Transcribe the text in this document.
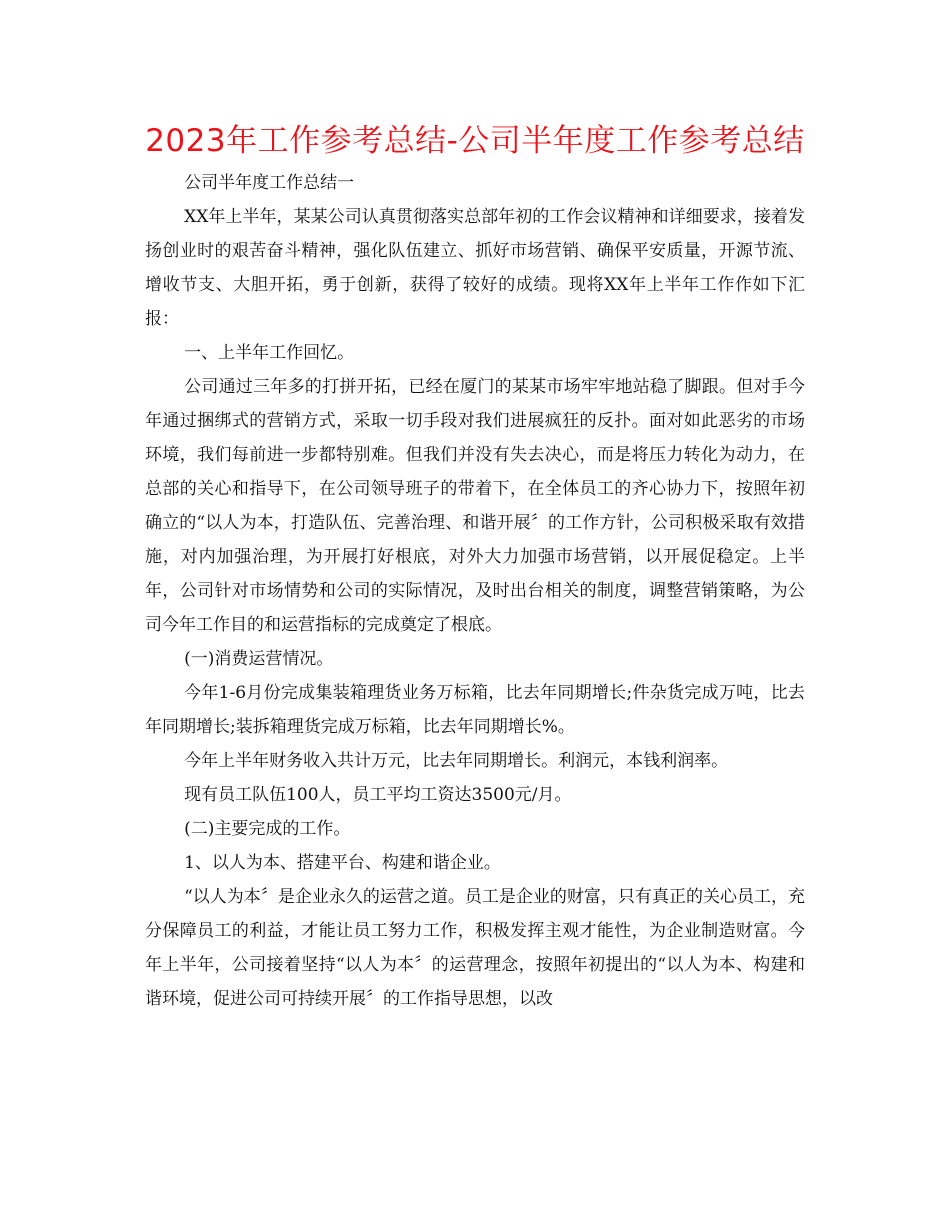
2023年工作参考总结-公司半年度工作参考总结

公司半年度工作总结一

XX年上半年，某某公司认真贯彻落实总部年初的工作会议精神和详细要求，接着发扬创业时的艰苦奋斗精神，强化队伍建立、抓好市场营销、确保平安质量，开源节流、增收节支、大胆开拓，勇于创新，获得了较好的成绩。现将XX年上半年工作作如下汇报：

一、上半年工作回忆。

公司通过三年多的打拼开拓，已经在厦门的某某市场牢牢地站稳了脚跟。但对手今年通过捆绑式的营销方式，采取一切手段对我们进展疯狂的反扑。面对如此恶劣的市场环境，我们每前进一步都特别难。但我们并没有失去决心，而是将压力转化为动力，在总部的关心和指导下，在公司领导班子的带着下，在全体员工的齐心协力下，按照年初确立的“以人为本，打造队伍、完善治理、和谐开展〞的工作方针，公司积极采取有效措施，对内加强治理，为开展打好根底，对外大力加强市场营销，以开展促稳定。上半年，公司针对市场情势和公司的实际情况，及时出台相关的制度，调整营销策略，为公司今年工作目的和运营指标的完成奠定了根底。

(一)消费运营情况。

今年1-6月份完成集装箱理货业务万标箱，比去年同期增长;件杂货完成万吨，比去年同期增长;装拆箱理货完成万标箱，比去年同期增长%。

今年上半年财务收入共计万元，比去年同期增长。利润元，本钱利润率。

现有员工队伍100人，员工平均工资达3500元/月。

(二)主要完成的工作。

1、以人为本、搭建平台、构建和谐企业。

“以人为本〞是企业永久的运营之道。员工是企业的财富，只有真正的关心员工，充分保障员工的利益，才能让员工努力工作，积极发挥主观才能性，为企业制造财富。今年上半年，公司接着坚持“以人为本〞的运营理念，按照年初提出的“以人为本、构建和谐环境，促进公司可持续开展〞的工作指导思想，以改
